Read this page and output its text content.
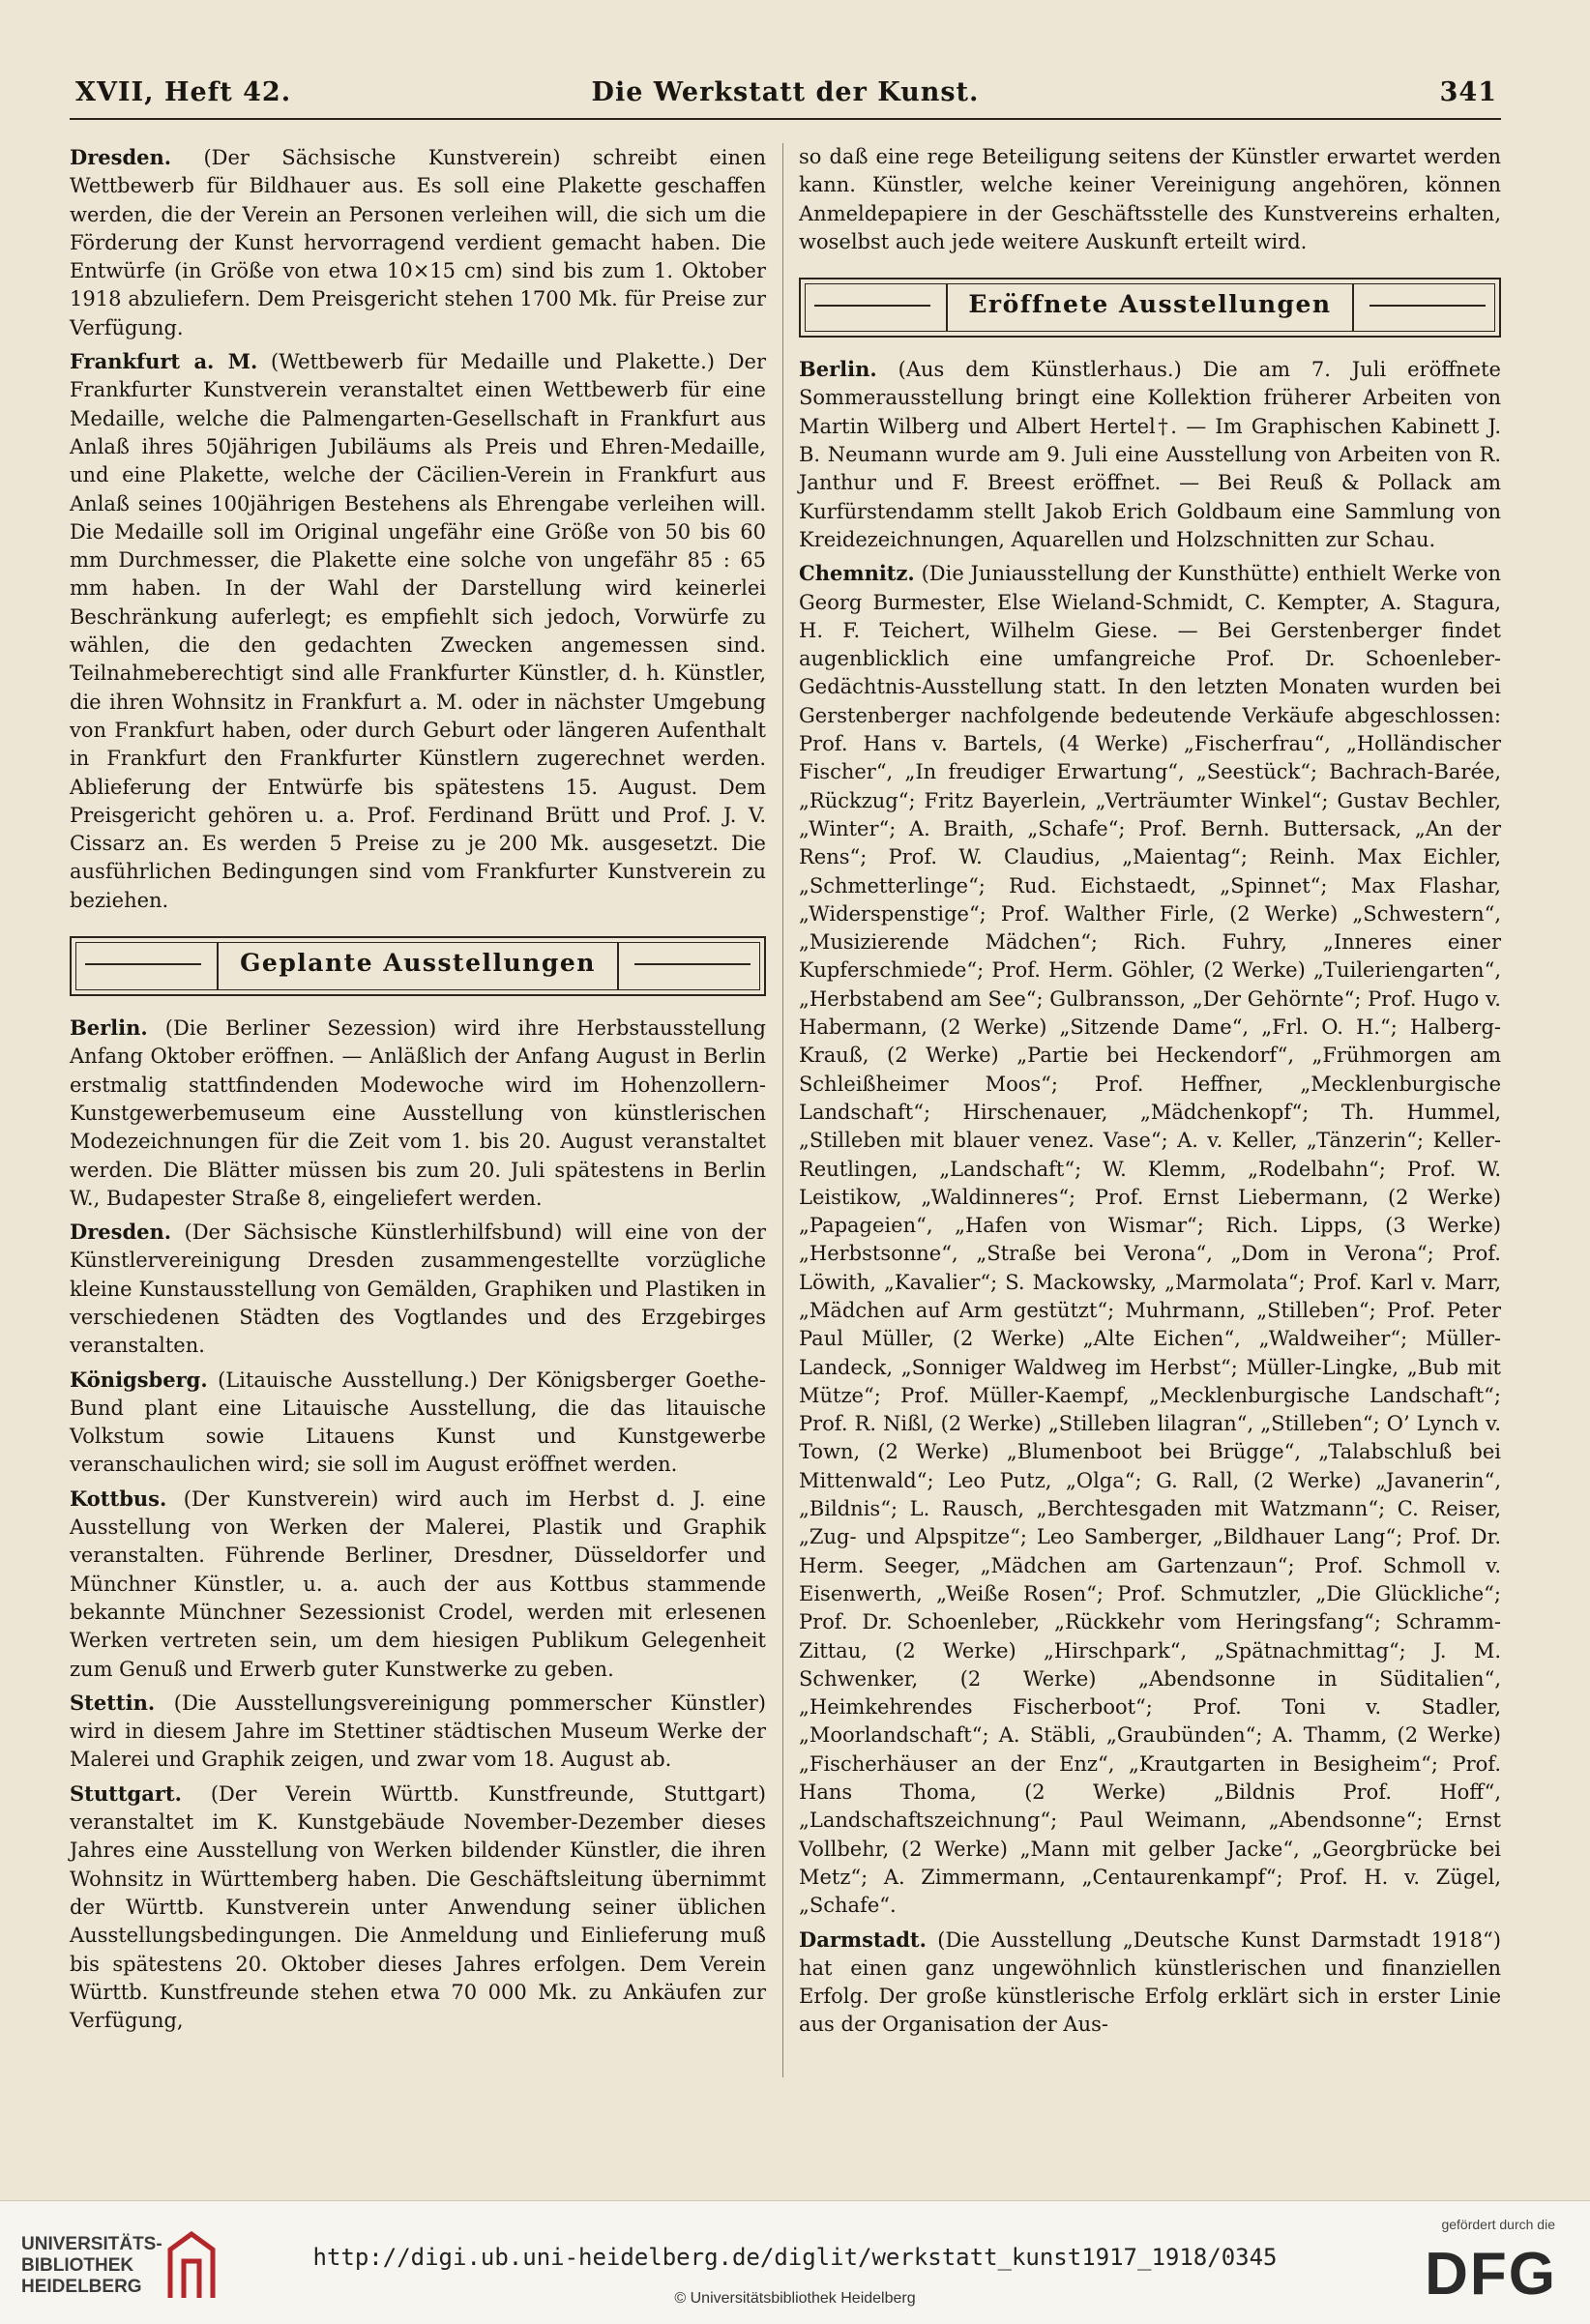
XVII, Heft 42.	Die Werkstatt der Kunst.	341

Dresden. (Der Sächsische Kunstverein) schreibt einen Wettbewerb für Bildhauer aus. Es soll eine Plakette geschaffen werden, die der Verein an Personen verleihen will, die sich um die Förderung der Kunst hervorragend verdient gemacht haben. Die Entwürfe (in Größe von etwa 10×15 cm) sind bis zum 1. Oktober 1918 abzuliefern. Dem Preisgericht stehen 1700 Mk. für Preise zur Verfügung.

Frankfurt a. M. (Wettbewerb für Medaille und Plakette.) Der Frankfurter Kunstverein veranstaltet einen Wettbewerb für eine Medaille, welche die Palmengarten-Gesellschaft in Frankfurt aus Anlaß ihres 50jährigen Jubiläums als Preis und Ehren-Medaille, und eine Plakette, welche der Cäcilien-Verein in Frankfurt aus Anlaß seines 100jährigen Bestehens als Ehrengabe verleihen will. Die Medaille soll im Original ungefähr eine Größe von 50 bis 60 mm Durchmesser, die Plakette eine solche von ungefähr 85 : 65 mm haben. In der Wahl der Darstellung wird keinerlei Beschränkung auferlegt; es empfiehlt sich jedoch, Vorwürfe zu wählen, die den gedachten Zwecken angemessen sind. Teilnahmeberechtigt sind alle Frankfurter Künstler, d. h. Künstler, die ihren Wohnsitz in Frankfurt a. M. oder in nächster Umgebung von Frankfurt haben, oder durch Geburt oder längeren Aufenthalt in Frankfurt den Frankfurter Künstlern zugerechnet werden. Ablieferung der Entwürfe bis spätestens 15. August. Dem Preisgericht gehören u. a. Prof. Ferdinand Brütt und Prof. J. V. Cissarz an. Es werden 5 Preise zu je 200 Mk. ausgesetzt. Die ausführlichen Bedingungen sind vom Frankfurter Kunstverein zu beziehen.

Geplante Ausstellungen

Berlin. (Die Berliner Sezession) wird ihre Herbstausstellung Anfang Oktober eröffnen. — Anläßlich der Anfang August in Berlin erstmalig stattfindenden Modewoche wird im Hohenzollern-Kunstgewerbemuseum eine Ausstellung von künstlerischen Modezeichnungen für die Zeit vom 1. bis 20. August veranstaltet werden. Die Blätter müssen bis zum 20. Juli spätestens in Berlin W., Budapester Straße 8, eingeliefert werden.

Dresden. (Der Sächsische Künstlerhilfsbund) will eine von der Künstlervereinigung Dresden zusammengestellte vorzügliche kleine Kunstausstellung von Gemälden, Graphiken und Plastiken in verschiedenen Städten des Vogtlandes und des Erzgebirges veranstalten.

Königsberg. (Litauische Ausstellung.) Der Königsberger Goethe-Bund plant eine Litauische Ausstellung, die das litauische Volkstum sowie Litauens Kunst und Kunstgewerbe veranschaulichen wird; sie soll im August eröffnet werden.

Kottbus. (Der Kunstverein) wird auch im Herbst d. J. eine Ausstellung von Werken der Malerei, Plastik und Graphik veranstalten. Führende Berliner, Dresdner, Düsseldorfer und Münchner Künstler, u. a. auch der aus Kottbus stammende bekannte Münchner Sezessionist Crodel, werden mit erlesenen Werken vertreten sein, um dem hiesigen Publikum Gelegenheit zum Genuß und Erwerb guter Kunstwerke zu geben.

Stettin. (Die Ausstellungsvereinigung pommerscher Künstler) wird in diesem Jahre im Stettiner städtischen Museum Werke der Malerei und Graphik zeigen, und zwar vom 18. August ab.

Stuttgart. (Der Verein Württb. Kunstfreunde, Stuttgart) veranstaltet im K. Kunstgebäude November-Dezember dieses Jahres eine Ausstellung von Werken bildender Künstler, die ihren Wohnsitz in Württemberg haben. Die Geschäftsleitung übernimmt der Württb. Kunstverein unter Anwendung seiner üblichen Ausstellungsbedingungen. Die Anmeldung und Einlieferung muß bis spätestens 20. Oktober dieses Jahres erfolgen. Dem Verein Württb. Kunstfreunde stehen etwa 70 000 Mk. zu Ankäufen zur Verfügung,

so daß eine rege Beteiligung seitens der Künstler erwartet werden kann. Künstler, welche keiner Vereinigung angehören, können Anmeldepapiere in der Geschäftsstelle des Kunstvereins erhalten, woselbst auch jede weitere Auskunft erteilt wird.

Eröffnete Ausstellungen

Berlin. (Aus dem Künstlerhaus.) Die am 7. Juli eröffnete Sommerausstellung bringt eine Kollektion früherer Arbeiten von Martin Wilberg und Albert Hertel†. — Im Graphischen Kabinett J. B. Neumann wurde am 9. Juli eine Ausstellung von Arbeiten von R. Janthur und F. Breest eröffnet. — Bei Reuß & Pollack am Kurfürstendamm stellt Jakob Erich Goldbaum eine Sammlung von Kreidezeichnungen, Aquarellen und Holzschnitten zur Schau.

Chemnitz. (Die Juniausstellung der Kunsthütte) enthielt Werke von Georg Burmester, Else Wieland-Schmidt, C. Kempter, A. Stagura, H. F. Teichert, Wilhelm Giese. — Bei Gerstenberger findet augenblicklich eine umfangreiche Prof. Dr. Schoenleber-Gedächtnis-Ausstellung statt. In den letzten Monaten wurden bei Gerstenberger nachfolgende bedeutende Verkäufe abgeschlossen: Prof. Hans v. Bartels, (4 Werke) „Fischerfrau“, „Holländischer Fischer“, „In freudiger Erwartung“, „Seestück“; Bachrach-Barée, „Rückzug“; Fritz Bayerlein, „Verträumter Winkel“; Gustav Bechler, „Winter“; A. Braith, „Schafe“; Prof. Bernh. Buttersack, „An der Rens“; Prof. W. Claudius, „Maientag“; Reinh. Max Eichler, „Schmetterlinge“; Rud. Eichstaedt, „Spinnet“; Max Flashar, „Widerspenstige“; Prof. Walther Firle, (2 Werke) „Schwestern“, „Musizierende Mädchen“; Rich. Fuhry, „Inneres einer Kupferschmiede“; Prof. Herm. Göhler, (2 Werke) „Tuileriengarten“, „Herbstabend am See“; Gulbransson, „Der Gehörnte“; Prof. Hugo v. Habermann, (2 Werke) „Sitzende Dame“, „Frl. O. H.“; Halberg-Krauß, (2 Werke) „Partie bei Heckendorf“, „Frühmorgen am Schleißheimer Moos“; Prof. Heffner, „Mecklenburgische Landschaft“; Hirschenauer, „Mädchenkopf“; Th. Hummel, „Stilleben mit blauer venez. Vase“; A. v. Keller, „Tänzerin“; Keller-Reutlingen, „Landschaft“; W. Klemm, „Rodelbahn“; Prof. W. Leistikow, „Waldinneres“; Prof. Ernst Liebermann, (2 Werke) „Papageien“, „Hafen von Wismar“; Rich. Lipps, (3 Werke) „Herbstsonne“, „Straße bei Verona“, „Dom in Verona“; Prof. Löwith, „Kavalier“; S. Mackowsky, „Marmolata“; Prof. Karl v. Marr, „Mädchen auf Arm gestützt“; Muhrmann, „Stilleben“; Prof. Peter Paul Müller, (2 Werke) „Alte Eichen“, „Waldweiher“; Müller-Landeck, „Sonniger Waldweg im Herbst“; Müller-Lingke, „Bub mit Mütze“; Prof. Müller-Kaempf, „Mecklenburgische Landschaft“; Prof. R. Nißl, (2 Werke) „Stilleben lilagran“, „Stilleben“; O’ Lynch v. Town, (2 Werke) „Blumenboot bei Brügge“, „Talabschluß bei Mittenwald“; Leo Putz, „Olga“; G. Rall, (2 Werke) „Javanerin“, „Bildnis“; L. Rausch, „Berchtesgaden mit Watzmann“; C. Reiser, „Zug- und Alpspitze“; Leo Samberger, „Bildhauer Lang“; Prof. Dr. Herm. Seeger, „Mädchen am Gartenzaun“; Prof. Schmoll v. Eisenwerth, „Weiße Rosen“; Prof. Schmutzler, „Die Glückliche“; Prof. Dr. Schoenleber, „Rückkehr vom Heringsfang“; Schramm-Zittau, (2 Werke) „Hirschpark“, „Spätnachmittag“; J. M. Schwenker, (2 Werke) „Abendsonne in Süditalien“, „Heimkehrendes Fischerboot“; Prof. Toni v. Stadler, „Moorlandschaft“; A. Stäbli, „Graubünden“; A. Thamm, (2 Werke) „Fischerhäuser an der Enz“, „Krautgarten in Besigheim“; Prof. Hans Thoma, (2 Werke) „Bildnis Prof. Hoff“, „Landschaftszeichnung“; Paul Weimann, „Abendsonne“; Ernst Vollbehr, (2 Werke) „Mann mit gelber Jacke“, „Georgbrücke bei Metz“; A. Zimmermann, „Centaurenkampf“; Prof. H. v. Zügel, „Schafe“.

Darmstadt. (Die Ausstellung „Deutsche Kunst Darmstadt 1918“) hat einen ganz ungewöhnlich künstlerischen und finanziellen Erfolg. Der große künstlerische Erfolg erklärt sich in erster Linie aus der Organisation der Aus-

UNIVERSITÄTS-
BIBLIOTHEK
HEIDELBERG
http://digi.ub.uni-heidelberg.de/diglit/werkstatt_kunst1917_1918/0345
© Universitätsbibliothek Heidelberg
gefördert durch die
DFG
